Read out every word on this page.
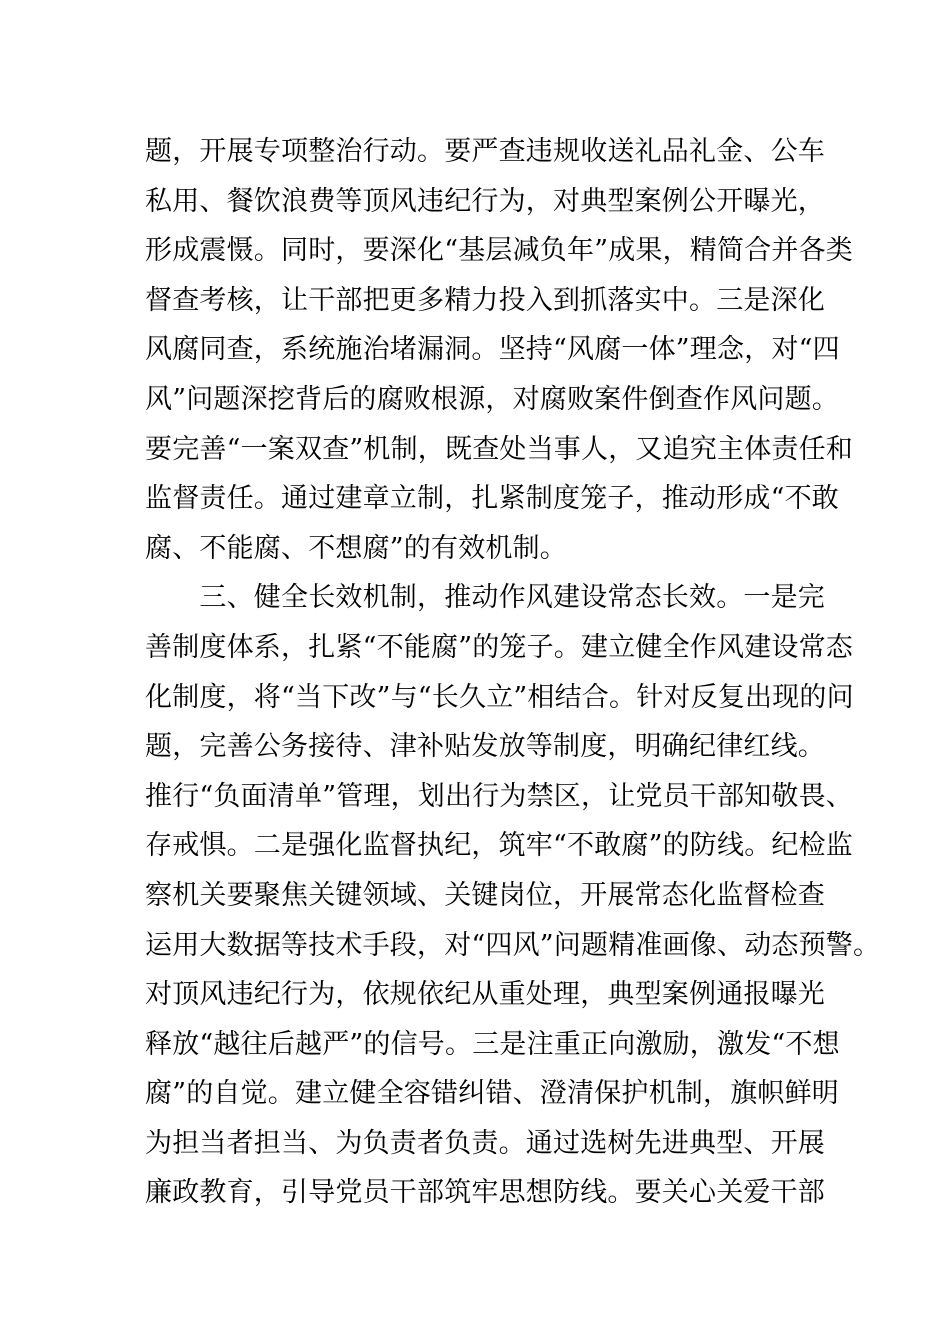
题，开展专项整治行动。要严查违规收送礼品礼金、公车
私用、餐饮浪费等顶风违纪行为，对典型案例公开曝光，
形成震慑。同时，要深化“基层减负年”成果，精简合并各类
督查考核，让干部把更多精力投入到抓落实中。三是深化
风腐同查，系统施治堵漏洞。坚持“风腐一体”理念，对“四
风”问题深挖背后的腐败根源，对腐败案件倒查作风问题。
要完善“一案双查”机制，既查处当事人，又追究主体责任和
监督责任。通过建章立制，扎紧制度笼子，推动形成“不敢
腐、不能腐、不想腐”的有效机制。
　　三、健全长效机制，推动作风建设常态长效。一是完
善制度体系，扎紧“不能腐”的笼子。建立健全作风建设常态
化制度，将“当下改”与“长久立”相结合。针对反复出现的问
题，完善公务接待、津补贴发放等制度，明确纪律红线。
推行“负面清单”管理，划出行为禁区，让党员干部知敬畏、
存戒惧。二是强化监督执纪，筑牢“不敢腐”的防线。纪检监
察机关要聚焦关键领域、关键岗位，开展常态化监督检查
运用大数据等技术手段，对“四风”问题精准画像、动态预警。
对顶风违纪行为，依规依纪从重处理，典型案例通报曝光
释放“越往后越严”的信号。三是注重正向激励，激发“不想
腐”的自觉。建立健全容错纠错、澄清保护机制，旗帜鲜明
为担当者担当、为负责者负责。通过选树先进典型、开展
廉政教育，引导党员干部筑牢思想防线。要关心关爱干部
